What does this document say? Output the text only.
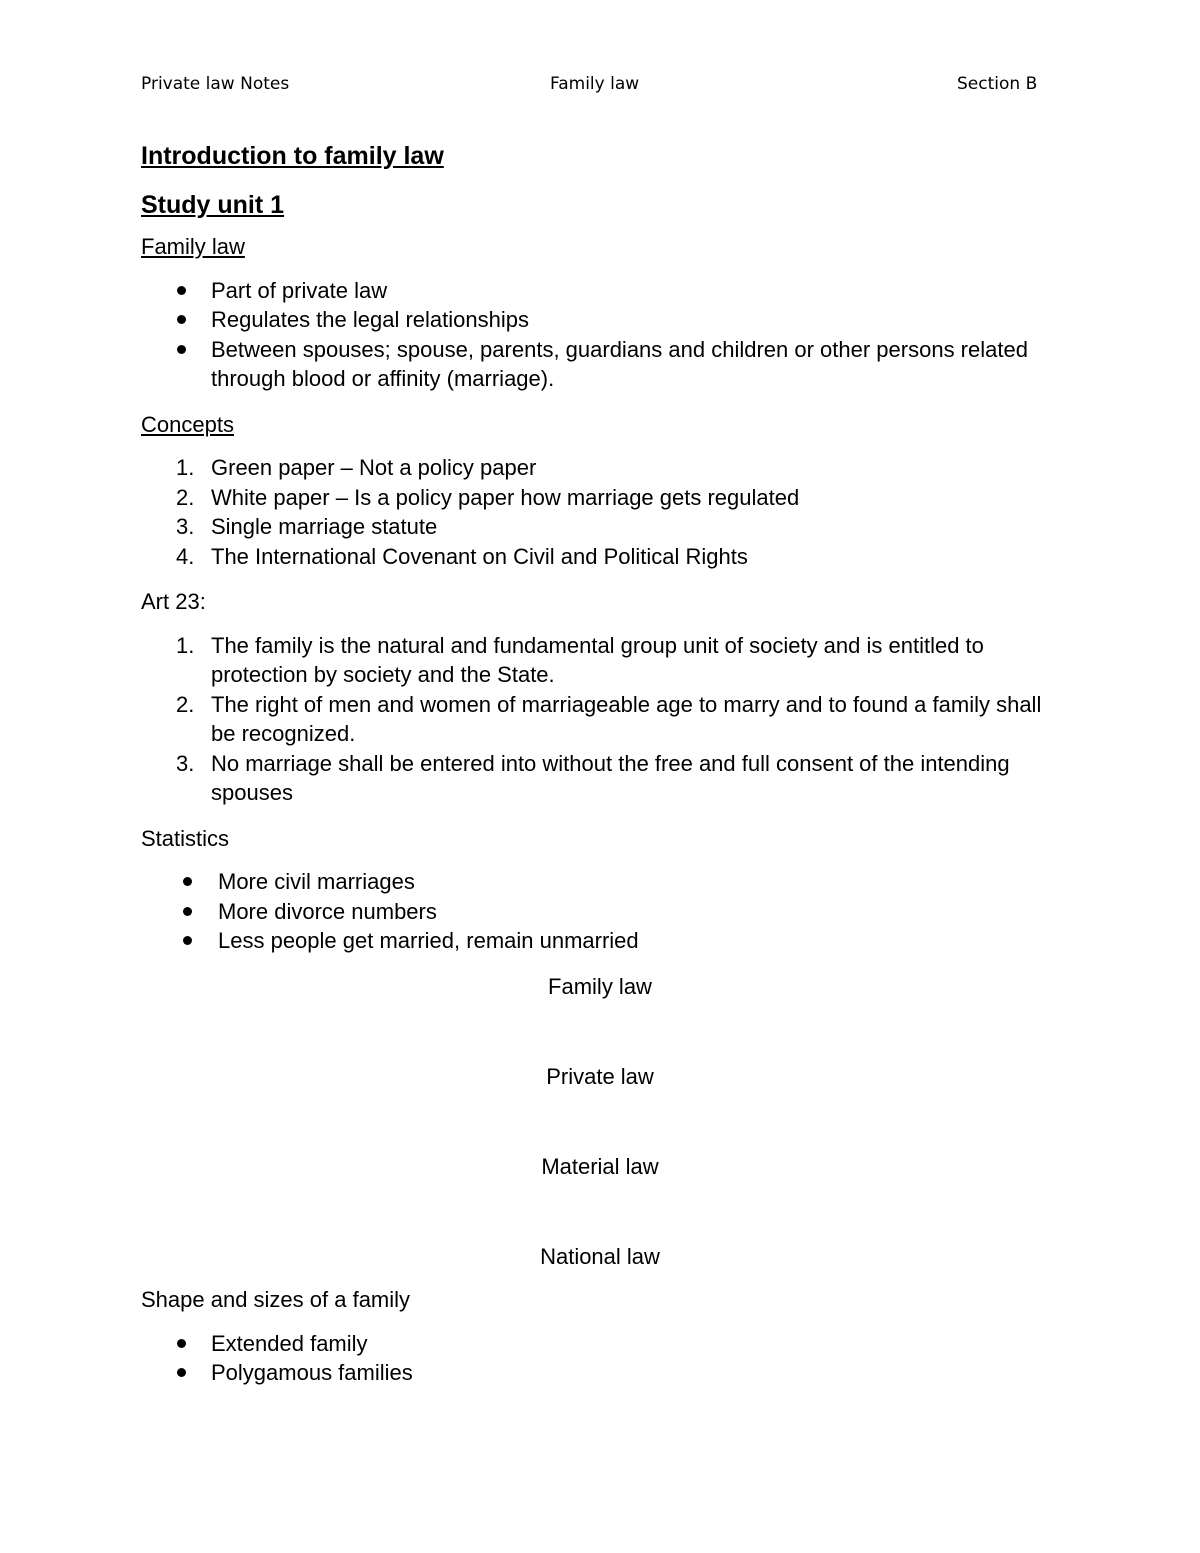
Private law Notes	Family law	Section B
Introduction to family law
Study unit 1

Family law

Part of private law
Regulates the legal relationships
Between spouses; spouse, parents, guardians and children or other persons related through blood or affinity (marriage).

Concepts

1. Green paper – Not a policy paper
2. White paper – Is a policy paper how marriage gets regulated
3. Single marriage statute
4. The International Covenant on Civil and Political Rights

Art 23:

1. The family is the natural and fundamental group unit of society and is entitled to protection by society and the State.
2. The right of men and women of marriageable age to marry and to found a family shall be recognized.
3. No marriage shall be entered into without the free and full consent of the intending spouses

Statistics

More civil marriages
More divorce numbers
Less people get married, remain unmarried

Family law

Private law

Material law

National law

Shape and sizes of a family

Extended family
Polygamous families
